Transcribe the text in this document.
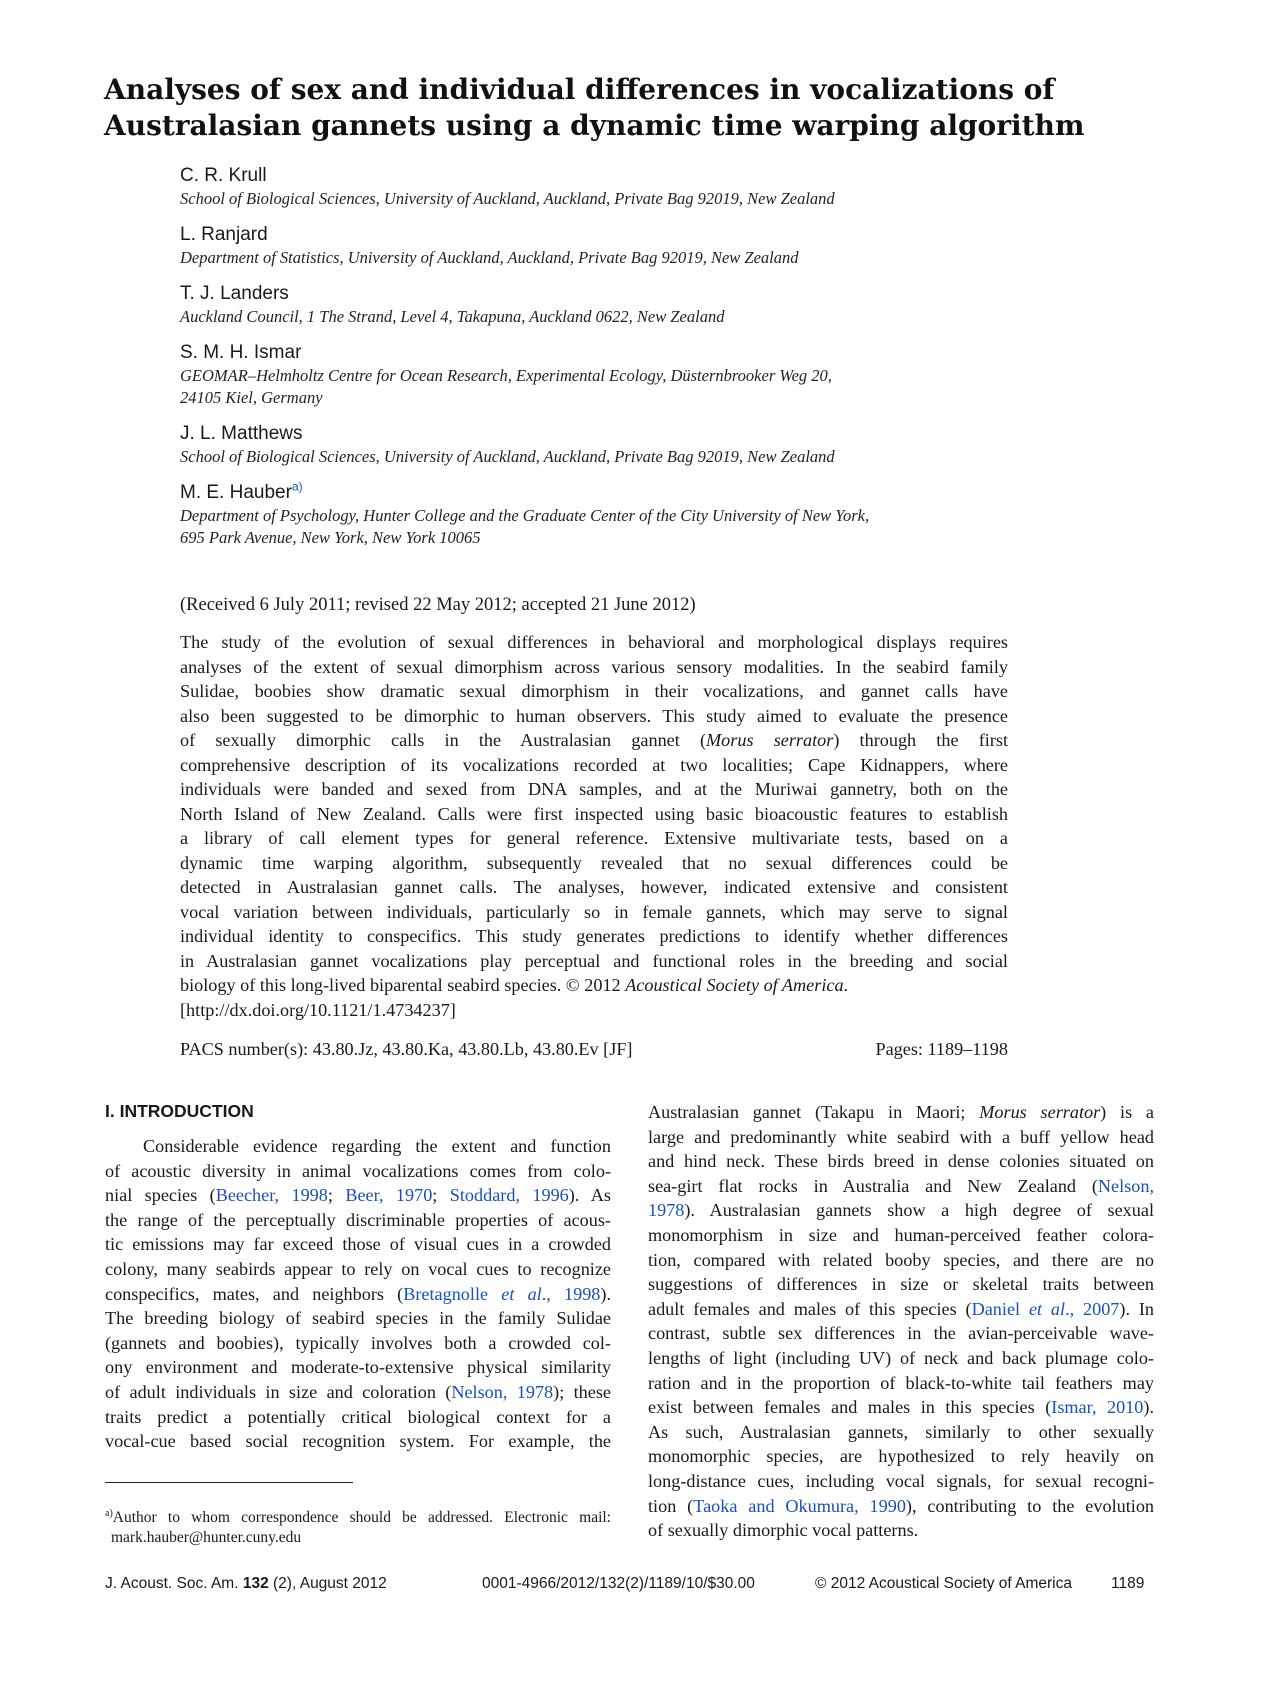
Analyses of sex and individual differences in vocalizations of
Australasian gannets using a dynamic time warping algorithm
C. R. Krull
School of Biological Sciences, University of Auckland, Auckland, Private Bag 92019, New Zealand
L. Ranjard
Department of Statistics, University of Auckland, Auckland, Private Bag 92019, New Zealand
T. J. Landers
Auckland Council, 1 The Strand, Level 4, Takapuna, Auckland 0622, New Zealand
S. M. H. Ismar
GEOMAR–Helmholtz Centre for Ocean Research, Experimental Ecology, Düsternbrooker Weg 20,
24105 Kiel, Germany
J. L. Matthews
School of Biological Sciences, University of Auckland, Auckland, Private Bag 92019, New Zealand
M. E. Hauber$^{a)}$
Department of Psychology, Hunter College and the Graduate Center of the City University of New York,
695 Park Avenue, New York, New York 10065
(Received 6 July 2011; revised 22 May 2012; accepted 21 June 2012)
The study of the evolution of sexual differences in behavioral and morphological displays requires
analyses of the extent of sexual dimorphism across various sensory modalities. In the seabird family
Sulidae, boobies show dramatic sexual dimorphism in their vocalizations, and gannet calls have
also been suggested to be dimorphic to human observers. This study aimed to evaluate the presence
of sexually dimorphic calls in the Australasian gannet (Morus serrator) through the first
comprehensive description of its vocalizations recorded at two localities; Cape Kidnappers, where
individuals were banded and sexed from DNA samples, and at the Muriwai gannetry, both on the
North Island of New Zealand. Calls were first inspected using basic bioacoustic features to establish
a library of call element types for general reference. Extensive multivariate tests, based on a
dynamic time warping algorithm, subsequently revealed that no sexual differences could be
detected in Australasian gannet calls. The analyses, however, indicated extensive and consistent
vocal variation between individuals, particularly so in female gannets, which may serve to signal
individual identity to conspecifics. This study generates predictions to identify whether differences
in Australasian gannet vocalizations play perceptual and functional roles in the breeding and social
biology of this long-lived biparental seabird species. © 2012 Acoustical Society of America.
[http://dx.doi.org/10.1121/1.4734237]
PACS number(s): 43.80.Jz, 43.80.Ka, 43.80.Lb, 43.80.Ev [JF]	Pages: 1189–1198
I. INTRODUCTION
Considerable evidence regarding the extent and function
of acoustic diversity in animal vocalizations comes from colo-
nial species (Beecher, 1998; Beer, 1970; Stoddard, 1996). As
the range of the perceptually discriminable properties of acous-
tic emissions may far exceed those of visual cues in a crowded
colony, many seabirds appear to rely on vocal cues to recognize
conspecifics, mates, and neighbors (Bretagnolle et al., 1998).
The breeding biology of seabird species in the family Sulidae
(gannets and boobies), typically involves both a crowded col-
ony environment and moderate-to-extensive physical similarity
of adult individuals in size and coloration (Nelson, 1978); these
traits predict a potentially critical biological context for a
vocal-cue based social recognition system. For example, the
Australasian gannet (Takapu in Maori; Morus serrator) is a
large and predominantly white seabird with a buff yellow head
and hind neck. These birds breed in dense colonies situated on
sea-girt flat rocks in Australia and New Zealand (Nelson,
1978). Australasian gannets show a high degree of sexual
monomorphism in size and human-perceived feather colora-
tion, compared with related booby species, and there are no
suggestions of differences in size or skeletal traits between
adult females and males of this species (Daniel et al., 2007). In
contrast, subtle sex differences in the avian-perceivable wave-
lengths of light (including UV) of neck and back plumage colo-
ration and in the proportion of black-to-white tail feathers may
exist between females and males in this species (Ismar, 2010).
As such, Australasian gannets, similarly to other sexually
monomorphic species, are hypothesized to rely heavily on
long-distance cues, including vocal signals, for sexual recogni-
tion (Taoka and Okumura, 1990), contributing to the evolution
of sexually dimorphic vocal patterns.
$^{a)}$Author to whom correspondence should be addressed. Electronic mail:
mark.hauber@hunter.cuny.edu
J. Acoust. Soc. Am. 132 (2), August 2012	0001-4966/2012/132(2)/1189/10/$30.00	© 2012 Acoustical Society of America	1189
